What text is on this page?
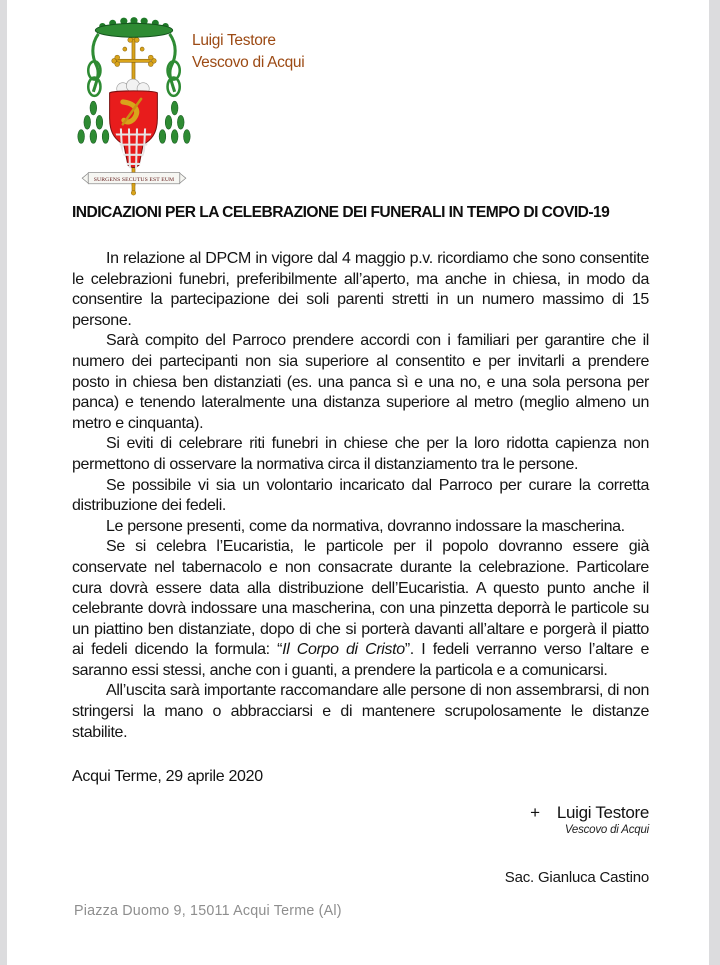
SURGENS SECUTUS EST EUM
Luigi Testore
Vescovo di Acqui
INDICAZIONI PER LA CELEBRAZIONE DEI FUNERALI IN TEMPO DI COVID-19

In relazione al DPCM in vigore dal 4 maggio p.v. ricordiamo che sono consentite le celebrazioni funebri, preferibilmente all’aperto, ma anche in chiesa, in modo da consentire la partecipazione dei soli parenti stretti in un numero massimo di 15 persone.

Sarà compito del Parroco prendere accordi con i familiari per garantire che il numero dei partecipanti non sia superiore al consentito e per invitarli a prendere posto in chiesa ben distanziati (es. una panca sì e una no, e una sola persona per panca) e tenendo lateralmente una distanza superiore al metro (meglio almeno un metro e cinquanta).

Si eviti di celebrare riti funebri in chiese che per la loro ridotta capienza non permettono di osservare la normativa circa il distanziamento tra le persone.

Se possibile vi sia un volontario incaricato dal Parroco per curare la corretta distribuzione dei fedeli.

Le persone presenti, come da normativa, dovranno indossare la mascherina.

Se si celebra l’Eucaristia, le particole per il popolo dovranno essere già conservate nel tabernacolo e non consacrate durante la celebrazione. Particolare cura dovrà essere data alla distribuzione dell’Eucaristia. A questo punto anche il celebrante dovrà indossare una mascherina, con una pinzetta deporrà le particole su un piattino ben distanziate, dopo di che si porterà davanti all’altare e porgerà il piatto ai fedeli dicendo la formula: “Il Corpo di Cristo”. I fedeli verranno verso l’altare e saranno essi stessi, anche con i guanti, a prendere la particola e a comunicarsi.

All’uscita sarà importante raccomandare alle persone di non assembrarsi, di non stringersi la mano o abbracciarsi e di mantenere scrupolosamente le distanze stabilite.

Acqui Terme, 29 aprile 2020
+ Luigi Testore
Vescovo di Acqui
Sac. Gianluca Castino
Piazza Duomo 9, 15011 Acqui Terme (Al)
